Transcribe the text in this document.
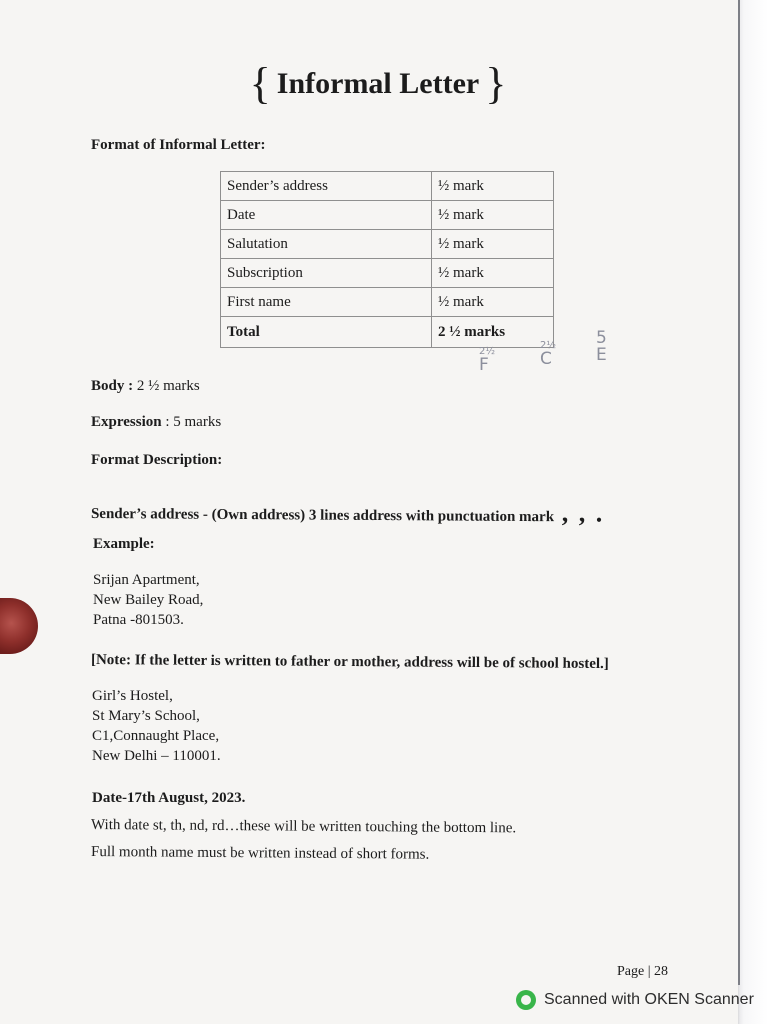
{ Informal Letter }
Format of Informal Letter:
Sender’s address	½ mark
Date	½ mark
Salutation	½ mark
Subscription	½ mark
First name	½ mark
Total	2 ½ marks
2½
F
2½
C
5
E
Body : 2 ½ marks
Expression : 5 marks
Format Description:
Sender’s address - (Own address) 3 lines address with punctuation mark , , .
Example:
Srijan Apartment,
New Bailey Road,
Patna -801503.
[Note: If the letter is written to father or mother, address will be of school hostel.]
Girl’s Hostel,
St Mary’s School,
C1,Connaught Place,
New Delhi – 110001.
Date-17th August, 2023.
With date st, th, nd, rd…these will be written touching the bottom line.
Full month name must be written instead of short forms.
Page | 28
Scanned with OKEN Scanner
